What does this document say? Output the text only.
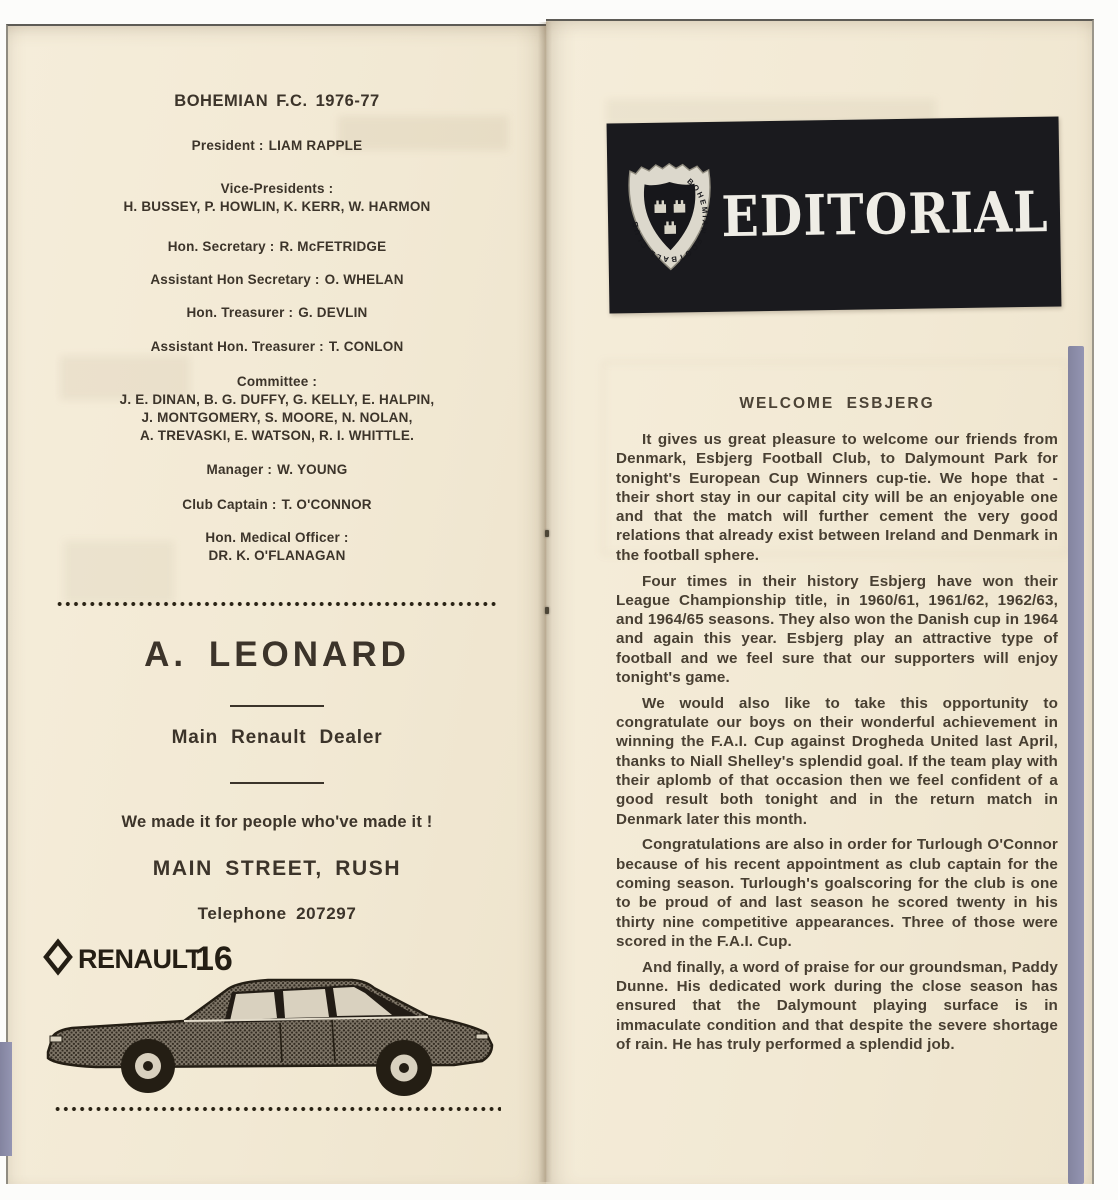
BOHEMIAN F.C. 1976-77
President : LIAM RAPPLE
Vice-Presidents :
H. BUSSEY, P. HOWLIN, K. KERR, W. HARMON
Hon. Secretary : R. McFETRIDGE
Assistant Hon Secretary : O. WHELAN
Hon. Treasurer : G. DEVLIN
Assistant Hon. Treasurer : T. CONLON
Committee :
J. E. DINAN, B. G. DUFFY, G. KELLY, E. HALPIN,
J. MONTGOMERY, S. MOORE, N. NOLAN,
A. TREVASKI, E. WATSON, R. I. WHITTLE.
Manager : W. YOUNG
Club Captain : T. O'CONNOR
Hon. Medical Officer :
DR. K. O'FLANAGAN
A. LEONARD
Main Renault Dealer
We made it for people who've made it !
MAIN STREET, RUSH
Telephone 207297
RENAULT
16
BOHEMIAN FOOTBALL CLUB	EDITORIAL
WELCOME ESBJERG

It gives us great pleasure to welcome our friends from Denmark, Esbjerg Football Club, to Dalymount Park for tonight's European Cup Winners cup-tie. We hope that -their short stay in our capital city will be an enjoyable one and that the match will further cement the very good relations that already exist between Ireland and Denmark in the football sphere.

Four times in their history Esbjerg have won their League Championship title, in 1960/61, 1961/62, 1962/63, and 1964/65 seasons. They also won the Danish cup in 1964 and again this year. Esbjerg play an attractive type of football and we feel sure that our supporters will enjoy tonight's game.

We would also like to take this opportunity to congratulate our boys on their wonderful achievement in winning the F.A.I. Cup against Drogheda United last April, thanks to Niall Shelley's splendid goal. If the team play with their aplomb of that occasion then we feel confident of a good result both tonight and in the return match in Denmark later this month.

Congratulations are also in order for Turlough O'Connor because of his recent appointment as club captain for the coming season. Turlough's goalscoring for the club is one to be proud of and last season he scored twenty in his thirty nine competitive appearances. Three of those were scored in the F.A.I. Cup.

And finally, a word of praise for our groundsman, Paddy Dunne. His dedicated work during the close season has ensured that the Dalymount playing surface is in immaculate condition and that despite the severe shortage of rain. He has truly performed a splendid job.
